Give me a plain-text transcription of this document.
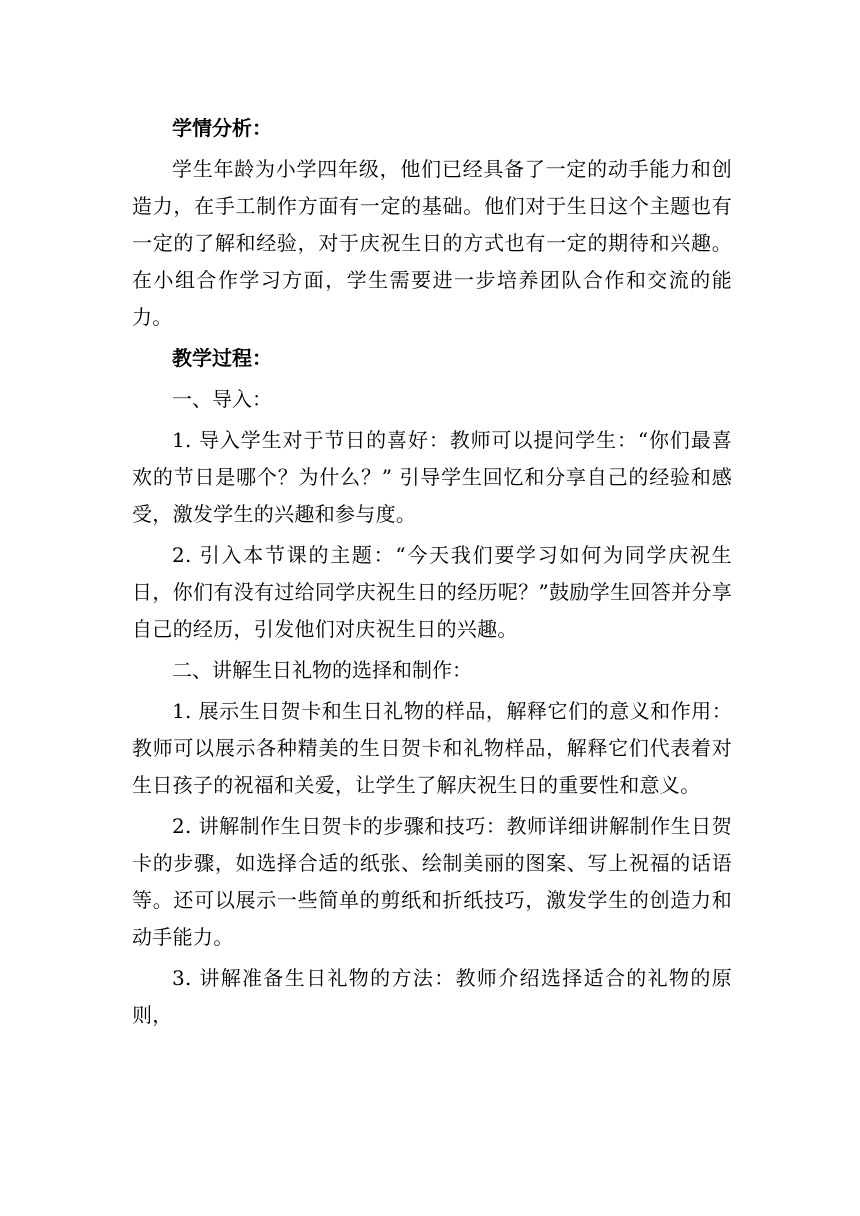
学情分析：

学生年龄为小学四年级，他们已经具备了一定的动手能力和创造力，在手工制作方面有一定的基础。他们对于生日这个主题也有一定的了解和经验，对于庆祝生日的方式也有一定的期待和兴趣。在小组合作学习方面，学生需要进一步培养团队合作和交流的能力。

教学过程：
一、导入：

1. 导入学生对于节日的喜好：教师可以提问学生：“你们最喜欢的节日是哪个？为什么？” 引导学生回忆和分享自己的经验和感受，激发学生的兴趣和参与度。

2. 引入本节课的主题：“今天我们要学习如何为同学庆祝生日，你们有没有过给同学庆祝生日的经历呢？”鼓励学生回答并分享自己的经历，引发他们对庆祝生日的兴趣。

二、讲解生日礼物的选择和制作：

1. 展示生日贺卡和生日礼物的样品，解释它们的意义和作用：教师可以展示各种精美的生日贺卡和礼物样品，解释它们代表着对生日孩子的祝福和关爱，让学生了解庆祝生日的重要性和意义。

2. 讲解制作生日贺卡的步骤和技巧：教师详细讲解制作生日贺卡的步骤，如选择合适的纸张、绘制美丽的图案、写上祝福的话语等。还可以展示一些简单的剪纸和折纸技巧，激发学生的创造力和动手能力。

3. 讲解准备生日礼物的方法：教师介绍选择适合的礼物的原则，
